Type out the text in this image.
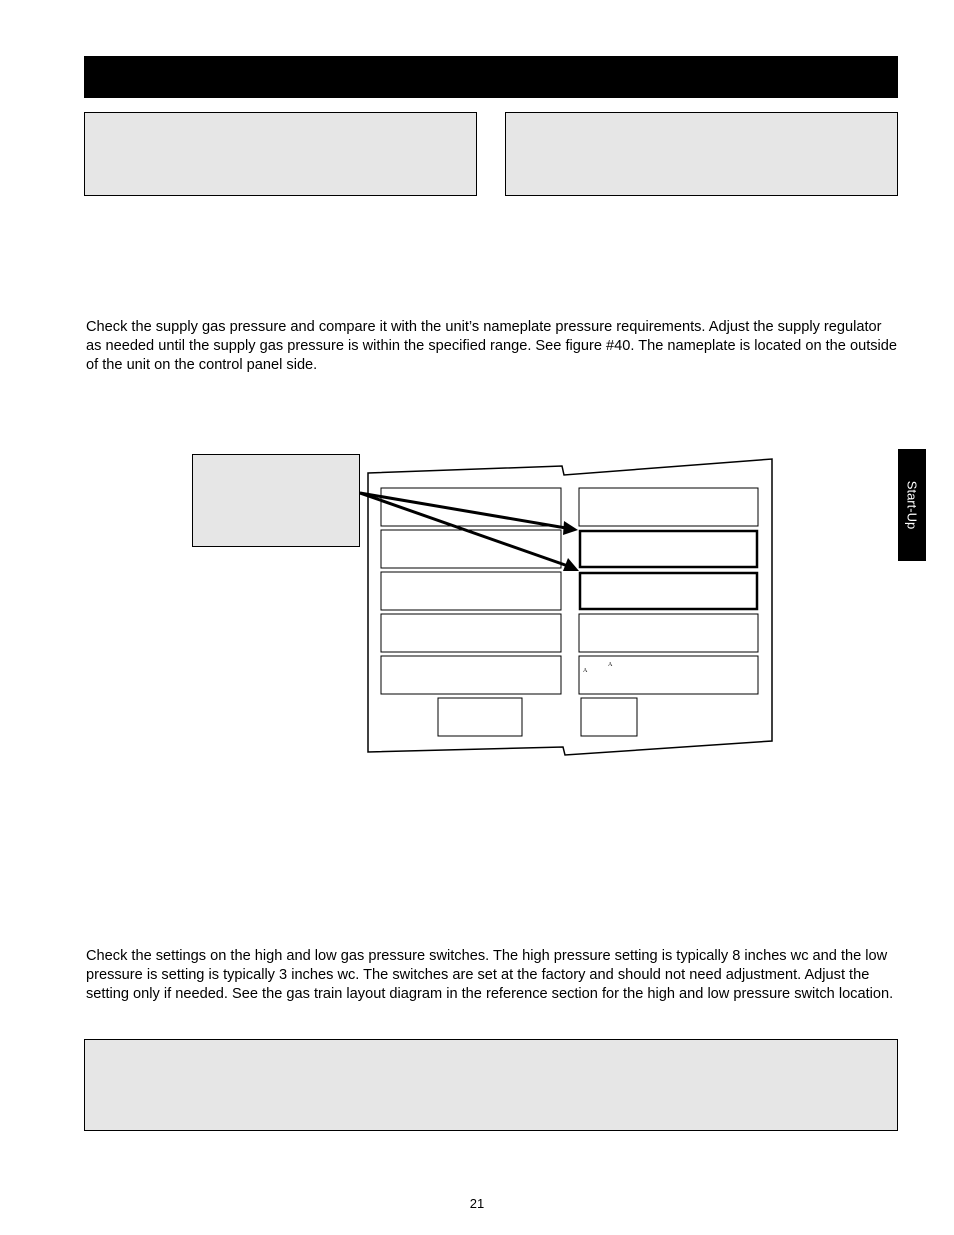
Check the supply gas pressure and compare it with the unit’s nameplate pressure requirements. Adjust the supply regulator as needed until the supply gas pressure is within the specified range. See figure #40. The nameplate is located on the outside of the unit on the control panel side.

Start-Up
A
A

Check the settings on the high and low gas pressure switches. The high pressure setting is typically 8 inches wc and the low pressure is setting is typically 3 inches wc. The switches are set at the factory and should not need adjustment. Adjust the setting only if needed. See the gas train layout diagram in the reference section for the high and low pressure switch location.

21
